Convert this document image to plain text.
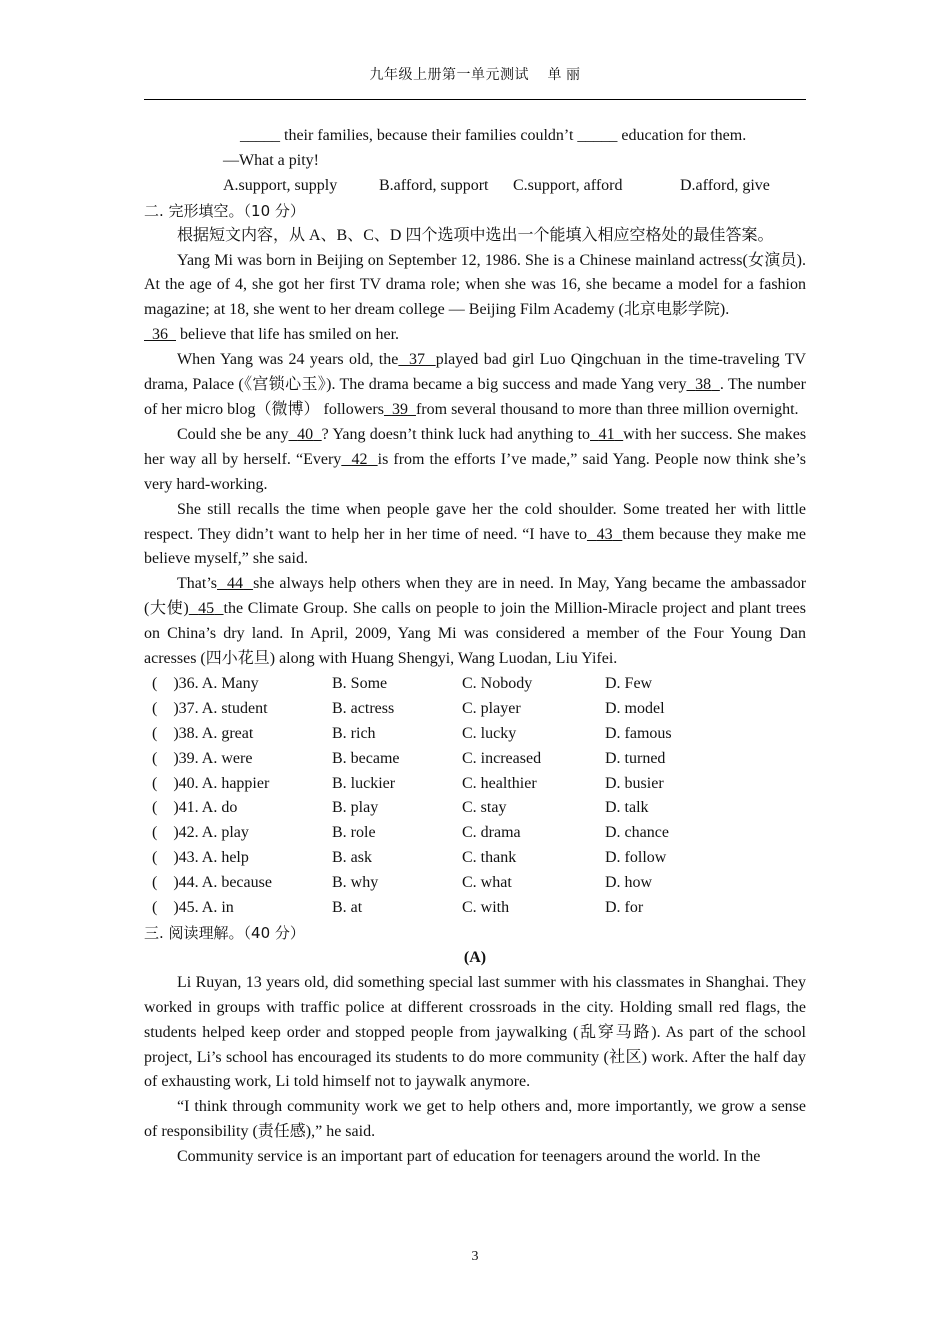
九年级上册第一单元测试　 单 丽

_____ their families, because their families couldn’t _____ education for them.

—What a pity!

A.support, supply	B.afford, support	C.support, afford	D.afford, give

二. 完形填空。（10 分）

根据短文内容，从 A、B、C、D 四个选项中选出一个能填入相应空格处的最佳答案。

Yang Mi was born in Beijing on September 12, 1986. She is a Chinese mainland actress(女演员). At the age of 4, she got her first TV drama role; when she was 16, she became a model for a fashion magazine; at 18, she went to her dream college — Beijing Film Academy (北京电影学院).
36   believe that life has smiled on her.

When Yang was 24 years old, the 37 played bad girl Luo Qingchuan in the time-traveling TV drama, Palace (《宫锁心玉》). The drama became a big success and made Yang very 38 . The number of her micro blog（微博） followers 39 from several thousand to more than three million overnight.

Could she be any 40 ? Yang doesn’t think luck had anything to 41 with her success. She makes her way all by herself. “Every 42 is from the efforts I’ve made,” said Yang. People now think she’s very hard-working.

She still recalls the time when people gave her the cold shoulder. Some treated her with little respect. They didn’t want to help her in her time of need. “I have to 43 them because they make me believe myself,” she said.

That’s 44 she always help others when they are in need. In May, Yang became the ambassador (大使) 45 the Climate Group. She calls on people to join the Million-Miracle project and plant trees on China’s dry land. In April, 2009, Yang Mi was considered a member of the Four Young Dan acresses (四小花旦) along with Huang Shengyi, Wang Luodan, Liu Yifei.

(　)36. A. Many	B. Some	C. Nobody	D. Few
(　)37. A. student	B. actress	C. player	D. model
(　)38. A. great	B. rich	C. lucky	D. famous
(　)39. A. were	B. became	C. increased	D. turned
(　)40. A. happier	B. luckier	C. healthier	D. busier
(　)41. A. do	B. play	C. stay	D. talk
(　)42. A. play	B. role	C. drama	D. chance
(　)43. A. help	B. ask	C. thank	D. follow
(　)44. A. because	B. why	C. what	D. how
(　)45. A. in	B. at	C. with	D. for

三. 阅读理解。（40 分）

(A)

Li Ruyan, 13 years old, did something special last summer with his classmates in Shanghai. They worked in groups with traffic police at different crossroads in the city. Holding small red flags, the students helped keep order and stopped people from jaywalking (乱穿马路). As part of the school project, Li’s school has encouraged its students to do more community (社区) work. After the half day of exhausting work, Li told himself not to jaywalk anymore.

“I think through community work we get to help others and, more importantly, we grow a sense of responsibility (责任感),” he said.

Community service is an important part of education for teenagers around the world. In the

3
